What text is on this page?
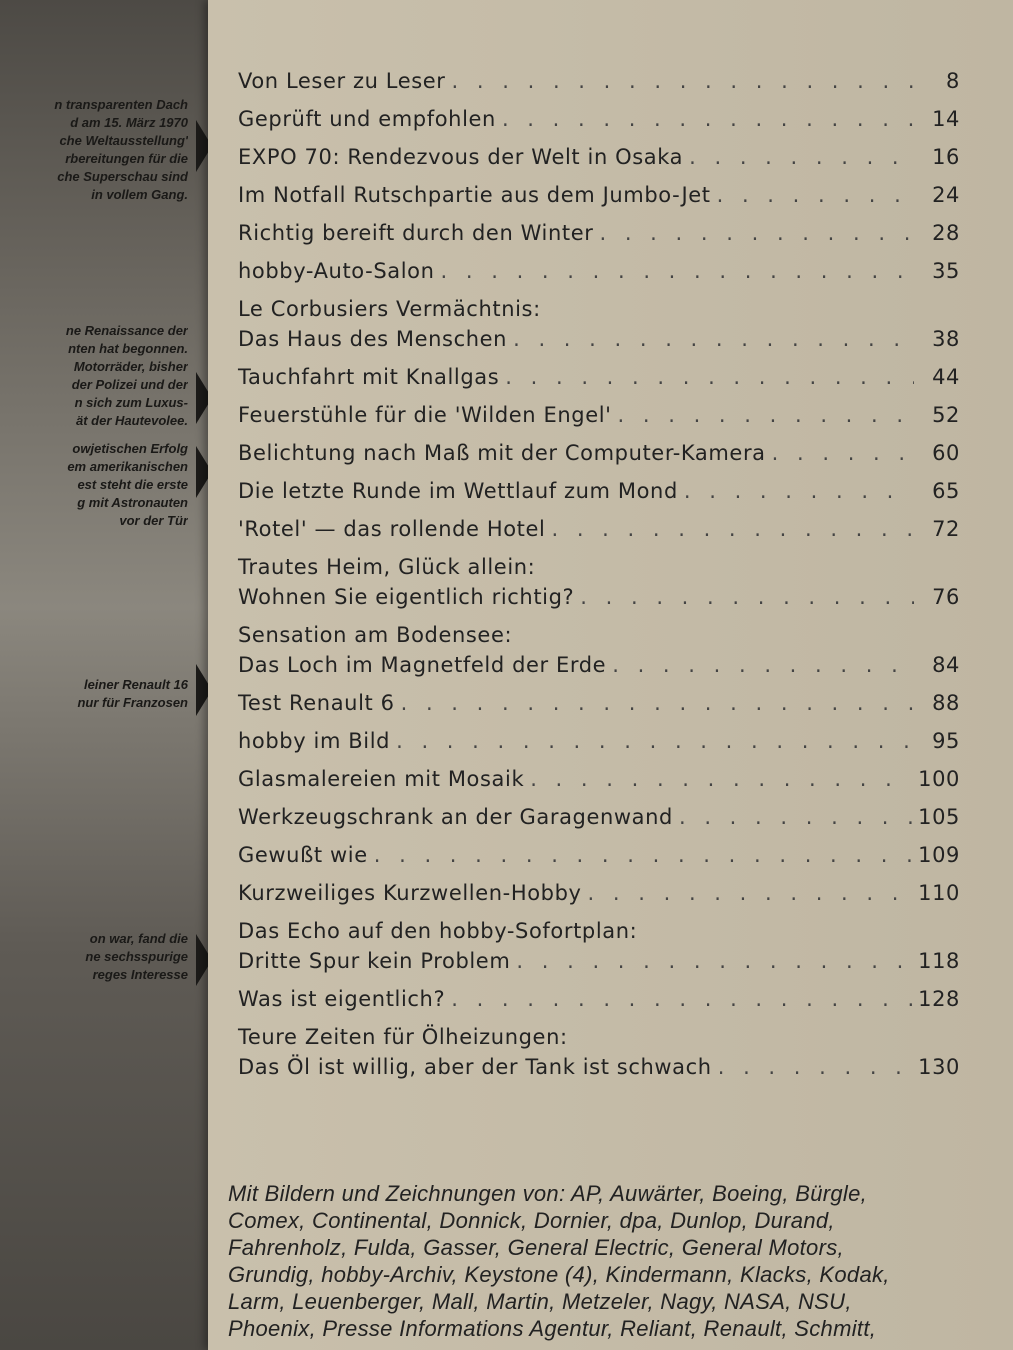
n transparenten Dach
d am 15. März 1970
che Weltausstellung'
rbereitungen für die
che Superschau sind
in vollem Gang.
ne Renaissance der
nten hat begonnen.
Motorräder, bisher
der Polizei und der
n sich zum Luxus-
ät der Hautevolee.
owjetischen Erfolg
em amerikanischen
est steht die erste
g mit Astronauten
vor der Tür
leiner Renault 16
nur für Franzosen
on war, fand die
ne sechsspurige
reges Interesse
Von Leser zu Leser . . .	8
Geprüft und empfohlen . . .	14
EXPO 70: Rendezvous der Welt in Osaka . . .	16
Im Notfall Rutschpartie aus dem Jumbo-Jet . . .	24
Richtig bereift durch den Winter . . .	28
hobby-Auto-Salon . . .	35
Le Corbusiers Vermächtnis:
Das Haus des Menschen . . .	38
Tauchfahrt mit Knallgas . . .	44
Feuerstühle für die 'Wilden Engel' . . .	52
Belichtung nach Maß mit der Computer-Kamera . . .	60
Die letzte Runde im Wettlauf zum Mond . . .	65
'Rotel' — das rollende Hotel . . .	72
Trautes Heim, Glück allein:
Wohnen Sie eigentlich richtig? . . .	76
Sensation am Bodensee:
Das Loch im Magnetfeld der Erde . . .	84
Test Renault 6 . . .	88
hobby im Bild . . .	95
Glasmalereien mit Mosaik . . .	100
Werkzeugschrank an der Garagenwand . . .	105
Gewußt wie . . .	109
Kurzweiliges Kurzwellen-Hobby . . .	110
Das Echo auf den hobby-Sofortplan:
Dritte Spur kein Problem . . .	118
Was ist eigentlich? . . .	128
Teure Zeiten für Ölheizungen:
Das Öl ist willig, aber der Tank ist schwach . . .	130
Mit Bildern und Zeichnungen von: AP, Auwärter, Boeing, Bürgle,
Comex, Continental, Donnick, Dornier, dpa, Dunlop, Durand,
Fahrenholz, Fulda, Gasser, General Electric, General Motors,
Grundig, hobby-Archiv, Keystone (4), Kindermann, Klacks, Kodak,
Larm, Leuenberger, Mall, Martin, Metzeler, Nagy, NASA, NSU,
Phoenix, Presse Informations Agentur, Reliant, Renault, Schmitt,
